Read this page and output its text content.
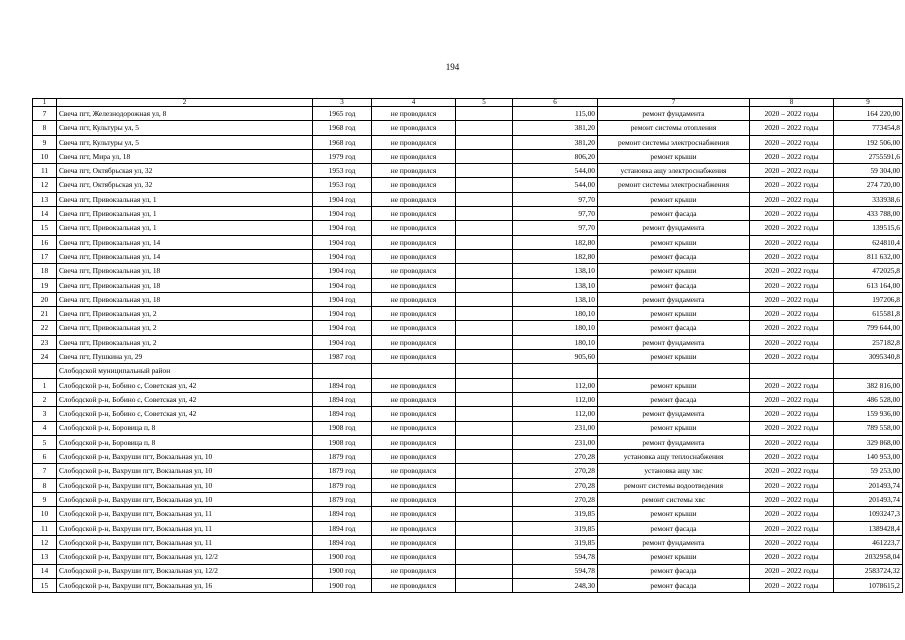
194
1	2	3	4	5	6	7	8	9
7	Свеча пгт, Железнодорожная ул, 8	1965 год	не проводился		115,00	ремонт фундамента	2020 – 2022 годы	164 220,00
8	Свеча пгт, Культуры ул, 5	1968 год	не проводился		381,20	ремонт системы отопления	2020 – 2022 годы	773454,8
9	Свеча пгт, Культуры ул, 5	1968 год	не проводился		381,20	ремонт системы электроснабжения	2020 – 2022 годы	192 506,00
10	Свеча пгт, Мира ул, 18	1979 год	не проводился		806,20	ремонт крыши	2020 – 2022 годы	2755591,6
11	Свеча пгт, Октябрьская ул, 32	1953 год	не проводился		544,00	установка ащу электроснабжения	2020 – 2022 годы	59 304,00
12	Свеча пгт, Октябрьская ул, 32	1953 год	не проводился		544,00	ремонт системы электроснабжения	2020 – 2022 годы	274 720,00
13	Свеча пгт, Привокзальная ул, 1	1904 год	не проводился		97,70	ремонт крыши	2020 – 2022 годы	333938,6
14	Свеча пгт, Привокзальная ул, 1	1904 год	не проводился		97,70	ремонт фасада	2020 – 2022 годы	433 788,00
15	Свеча пгт, Привокзальная ул, 1	1904 год	не проводился		97,70	ремонт фундамента	2020 – 2022 годы	139515,6
16	Свеча пгт, Привокзальная ул, 14	1904 год	не проводился		182,80	ремонт крыши	2020 – 2022 годы	624810,4
17	Свеча пгт, Привокзальная ул, 14	1904 год	не проводился		182,80	ремонт фасада	2020 – 2022 годы	811 632,00
18	Свеча пгт, Привокзальная ул, 18	1904 год	не проводился		138,10	ремонт крыши	2020 – 2022 годы	472025,8
19	Свеча пгт, Привокзальная ул, 18	1904 год	не проводился		138,10	ремонт фасада	2020 – 2022 годы	613 164,00
20	Свеча пгт, Привокзальная ул, 18	1904 год	не проводился		138,10	ремонт фундамента	2020 – 2022 годы	197206,8
21	Свеча пгт, Привокзальная ул, 2	1904 год	не проводился		180,10	ремонт крыши	2020 – 2022 годы	615581,8
22	Свеча пгт, Привокзальная ул, 2	1904 год	не проводился		180,10	ремонт фасада	2020 – 2022 годы	799 644,00
23	Свеча пгт, Привокзальная ул, 2	1904 год	не проводился		180,10	ремонт фундамента	2020 – 2022 годы	257182,8
24	Свеча пгт, Пушкина ул, 29	1987 год	не проводился		905,60	ремонт крыши	2020 – 2022 годы	3095340,8
	Слободской муниципальный район							
1	Слободской р-н, Бобино с, Советская ул, 42	1894 год	не проводился		112,00	ремонт крыши	2020 – 2022 годы	382 816,00
2	Слободской р-н, Бобино с, Советская ул, 42	1894 год	не проводился		112,00	ремонт фасада	2020 – 2022 годы	486 528,00
3	Слободской р-н, Бобино с, Советская ул, 42	1894 год	не проводился		112,00	ремонт фундамента	2020 – 2022 годы	159 936,00
4	Слободской р-н, Боровица п, 8	1908 год	не проводился		231,00	ремонт крыши	2020 – 2022 годы	789 558,00
5	Слободской р-н, Боровица п, 8	1908 год	не проводился		231,00	ремонт фундамента	2020 – 2022 годы	329 868,00
6	Слободской р-н, Вахруши пгт, Вокзальная ул, 10	1879 год	не проводился		270,28	установка ащу теплоснабжения	2020 – 2022 годы	140 953,00
7	Слободской р-н, Вахруши пгт, Вокзальная ул, 10	1879 год	не проводился		270,28	установка ащу хвс	2020 – 2022 годы	59 253,00
8	Слободской р-н, Вахруши пгт, Вокзальная ул, 10	1879 год	не проводился		270,28	ремонт системы водоотведения	2020 – 2022 годы	201493,74
9	Слободской р-н, Вахруши пгт, Вокзальная ул, 10	1879 год	не проводился		270,28	ремонт системы хвс	2020 – 2022 годы	201493,74
10	Слободской р-н, Вахруши пгт, Вокзальная ул, 11	1894 год	не проводился		319,85	ремонт крыши	2020 – 2022 годы	1093247,3
11	Слободской р-н, Вахруши пгт, Вокзальная ул, 11	1894 год	не проводился		319,85	ремонт фасада	2020 – 2022 годы	1389428,4
12	Слободской р-н, Вахруши пгт, Вокзальная ул, 11	1894 год	не проводился		319,85	ремонт фундамента	2020 – 2022 годы	461223,7
13	Слободской р-н, Вахруши пгт, Вокзальная ул, 12/2	1900 год	не проводился		594,78	ремонт крыши	2020 – 2022 годы	2032958,04
14	Слободской р-н, Вахруши пгт, Вокзальная ул, 12/2	1900 год	не проводился		594,78	ремонт фасада	2020 – 2022 годы	2583724,32
15	Слободской р-н, Вахруши пгт, Вокзальная ул, 16	1900 год	не проводился		248,30	ремонт фасада	2020 – 2022 годы	1078615,2
